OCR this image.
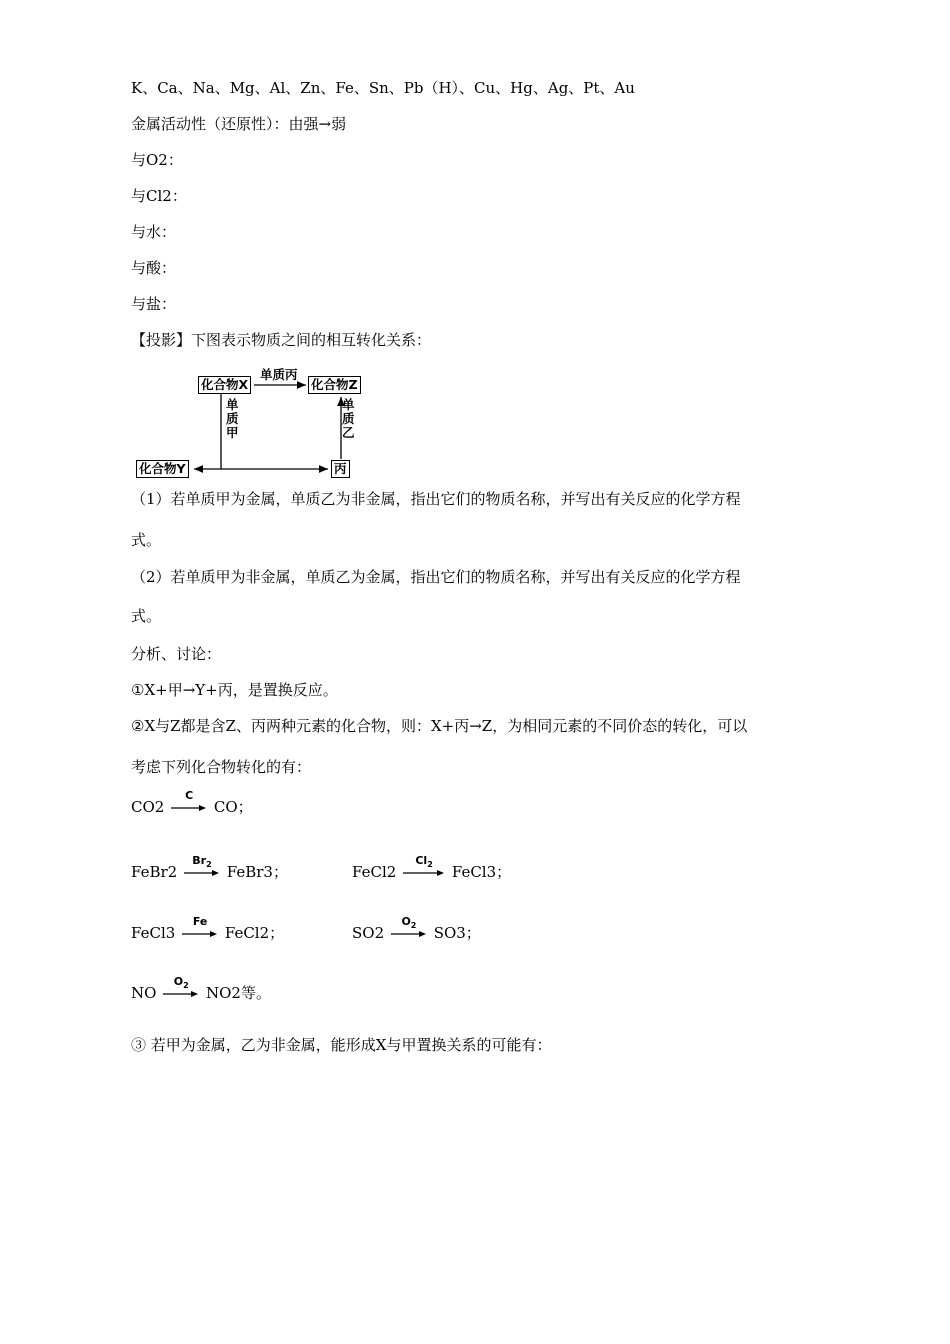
K、Ca、Na、Mg、Al、Zn、Fe、Sn、Pb（H）、Cu、Hg、Ag、Pt、Au
金属活动性（还原性）：由强→弱
与O2：
与Cl2：
与水：
与酸：
与盐：
【投影】下图表示物质之间的相互转化关系：
化合物X	化合物Z
化合物Y	丙
单质丙
单
质
甲
单
质
乙
（1）若单质甲为金属，单质乙为非金属，指出它们的物质名称，并写出有关反应的化学方程
式。
（2）若单质甲为非金属，单质乙为金属，指出它们的物质名称，并写出有关反应的化学方程
式。
分析、讨论：
①X+甲→Y+丙，是置换反应。
②X与Z都是含Z、丙两种元素的化合物，则：X+丙→Z，为相同元素的不同价态的转化，可以
考虑下列化合物转化的有：
CO2
C
CO；
FeBr2
$Br_2$	FeBr3；	FeCl2
$Cl_2$	FeCl3；
FeCl3
Fe
FeCl2；	SO2
$O_2$	SO3；
NO
$O_2$	NO2等。
③ 若甲为金属，乙为非金属，能形成X与甲置换关系的可能有：
